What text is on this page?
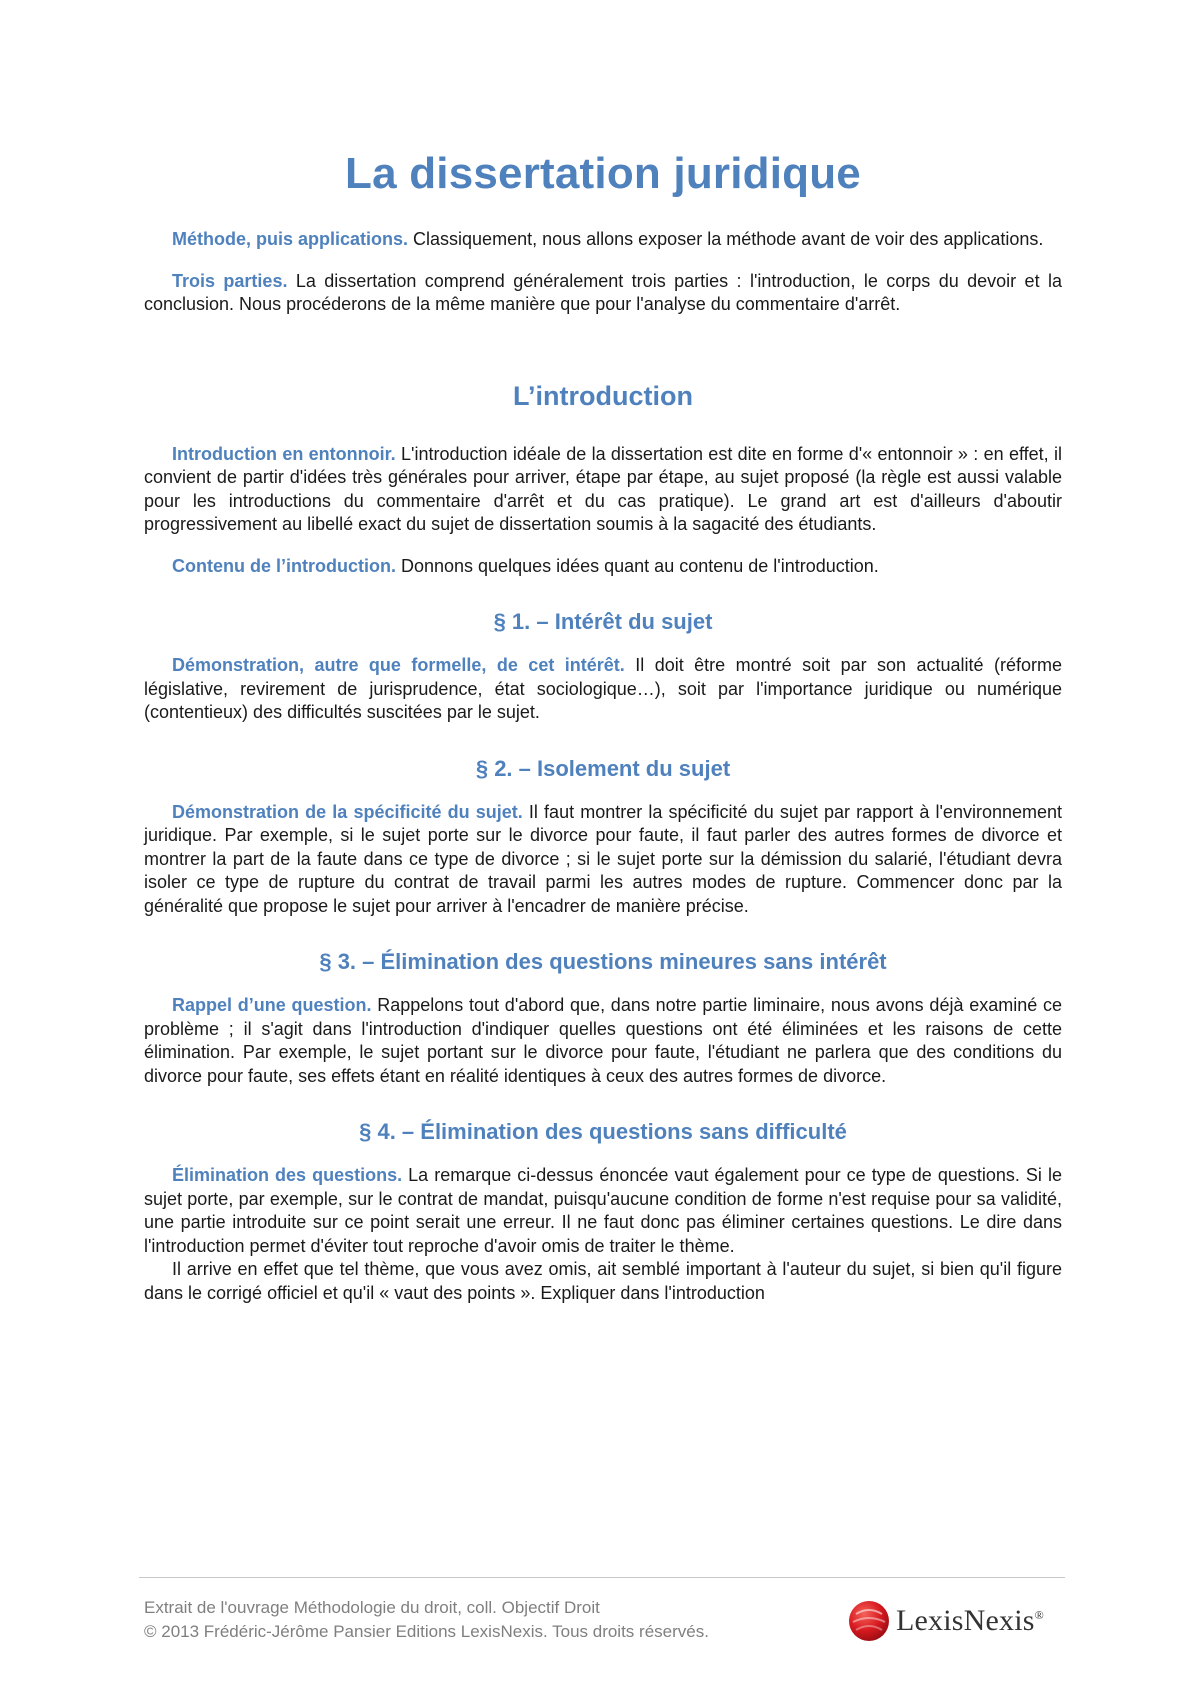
La dissertation juridique

Méthode, puis applications. Classiquement, nous allons exposer la méthode avant de voir des applications.

Trois parties. La dissertation comprend généralement trois parties : l'introduction, le corps du devoir et la conclusion. Nous procéderons de la même manière que pour l'analyse du commentaire d'arrêt.

L’introduction

Introduction en entonnoir. L'introduction idéale de la dissertation est dite en forme d'« entonnoir » : en effet, il convient de partir d'idées très générales pour arriver, étape par étape, au sujet proposé (la règle est aussi valable pour les introductions du commentaire d'arrêt et du cas pratique). Le grand art est d'ailleurs d'aboutir progressivement au libellé exact du sujet de dissertation soumis à la sagacité des étudiants.

Contenu de l’introduction. Donnons quelques idées quant au contenu de l'introduction.

§ 1. – Intérêt du sujet

Démonstration, autre que formelle, de cet intérêt. Il doit être montré soit par son actualité (réforme législative, revirement de jurisprudence, état sociologique…), soit par l'importance juridique ou numérique (contentieux) des difficultés suscitées par le sujet.

§ 2. – Isolement du sujet

Démonstration de la spécificité du sujet. Il faut montrer la spécificité du sujet par rapport à l'environnement juridique. Par exemple, si le sujet porte sur le divorce pour faute, il faut parler des autres formes de divorce et montrer la part de la faute dans ce type de divorce ; si le sujet porte sur la démission du salarié, l'étudiant devra isoler ce type de rupture du contrat de travail parmi les autres modes de rupture. Commencer donc par la généralité que propose le sujet pour arriver à l'encadrer de manière précise.

§ 3. – Élimination des questions mineures sans intérêt

Rappel d’une question. Rappelons tout d'abord que, dans notre partie liminaire, nous avons déjà examiné ce problème ; il s'agit dans l'introduction d'indiquer quelles questions ont été éliminées et les raisons de cette élimination. Par exemple, le sujet portant sur le divorce pour faute, l'étudiant ne parlera que des conditions du divorce pour faute, ses effets étant en réalité identiques à ceux des autres formes de divorce.

§ 4. – Élimination des questions sans difficulté

Élimination des questions. La remarque ci-dessus énoncée vaut également pour ce type de questions. Si le sujet porte, par exemple, sur le contrat de mandat, puisqu'aucune condition de forme n'est requise pour sa validité, une partie introduite sur ce point serait une erreur. Il ne faut donc pas éliminer certaines questions. Le dire dans l'introduction permet d'éviter tout reproche d'avoir omis de traiter le thème.

Il arrive en effet que tel thème, que vous avez omis, ait semblé important à l'auteur du sujet, si bien qu'il figure dans le corrigé officiel et qu'il « vaut des points ». Expliquer dans l'introduction

Extrait de l'ouvrage Méthodologie du droit, coll. Objectif Droit
© 2013 Frédéric-Jérôme Pansier Editions LexisNexis. Tous droits réservés.	LexisNexis®
